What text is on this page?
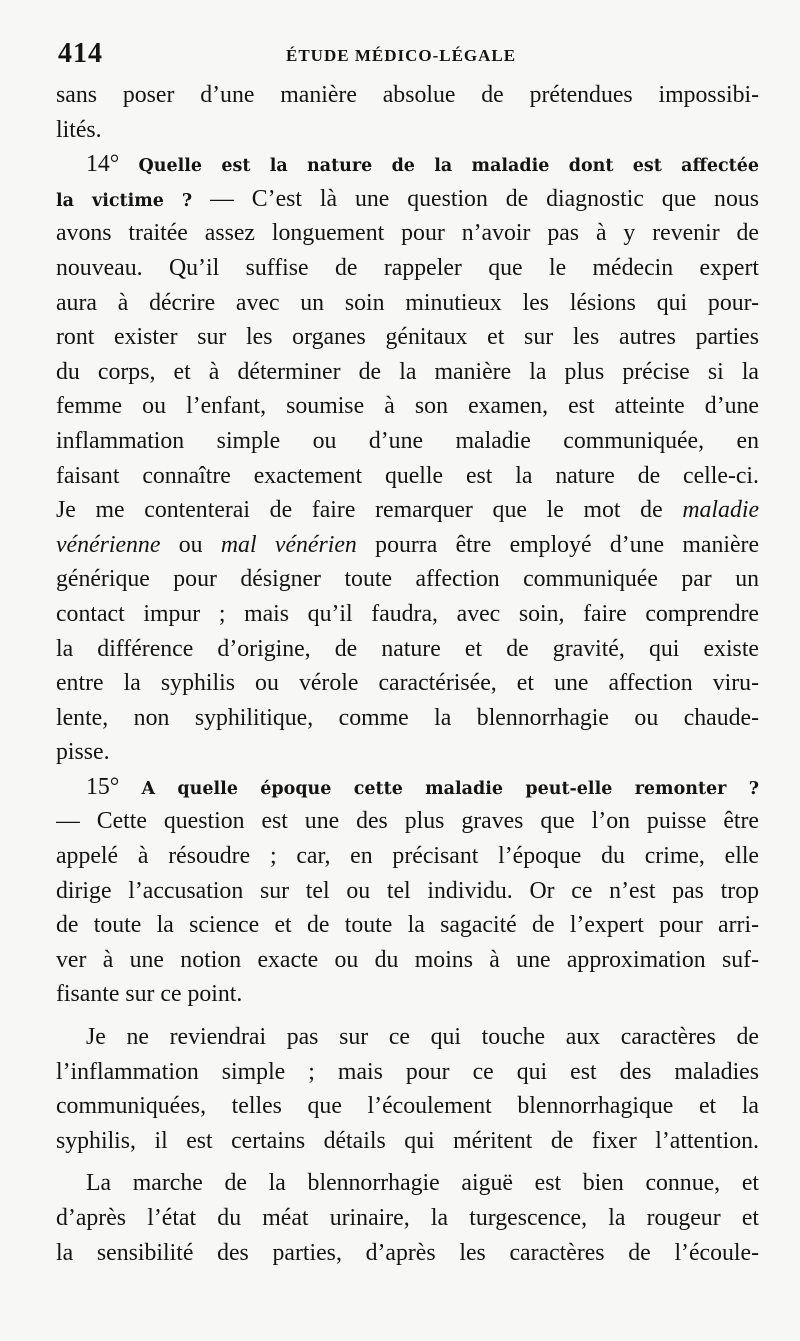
414	ÉTUDE MÉDICO-LÉGALE
sans poser d’une manière absolue de prétendues impossibi-
lités.
14° Quelle est la nature de la maladie dont est affectée
la victime ? — C’est là une question de diagnostic que nous
avons traitée assez longuement pour n’avoir pas à y revenir de
nouveau. Qu’il suffise de rappeler que le médecin expert
aura à décrire avec un soin minutieux les lésions qui pour-
ront exister sur les organes génitaux et sur les autres parties
du corps, et à déterminer de la manière la plus précise si la
femme ou l’enfant, soumise à son examen, est atteinte d’une
inflammation simple ou d’une maladie communiquée, en
faisant connaître exactement quelle est la nature de celle-ci.
Je me contenterai de faire remarquer que le mot de maladie
vénérienne ou mal vénérien pourra être employé d’une manière
générique pour désigner toute affection communiquée par un
contact impur ; mais qu’il faudra, avec soin, faire comprendre
la différence d’origine, de nature et de gravité, qui existe
entre la syphilis ou vérole caractérisée, et une affection viru-
lente, non syphilitique, comme la blennorrhagie ou chaude-
pisse.
15° A quelle époque cette maladie peut-elle remonter ?
— Cette question est une des plus graves que l’on puisse être
appelé à résoudre ; car, en précisant l’époque du crime, elle
dirige l’accusation sur tel ou tel individu. Or ce n’est pas trop
de toute la science et de toute la sagacité de l’expert pour arri-
ver à une notion exacte ou du moins à une approximation suf-
fisante sur ce point.
Je ne reviendrai pas sur ce qui touche aux caractères de
l’inflammation simple ; mais pour ce qui est des maladies
communiquées, telles que l’écoulement blennorrhagique et la
syphilis, il est certains détails qui méritent de fixer l’attention.
La marche de la blennorrhagie aiguë est bien connue, et
d’après l’état du méat urinaire, la turgescence, la rougeur et
la sensibilité des parties, d’après les caractères de l’écoule-
